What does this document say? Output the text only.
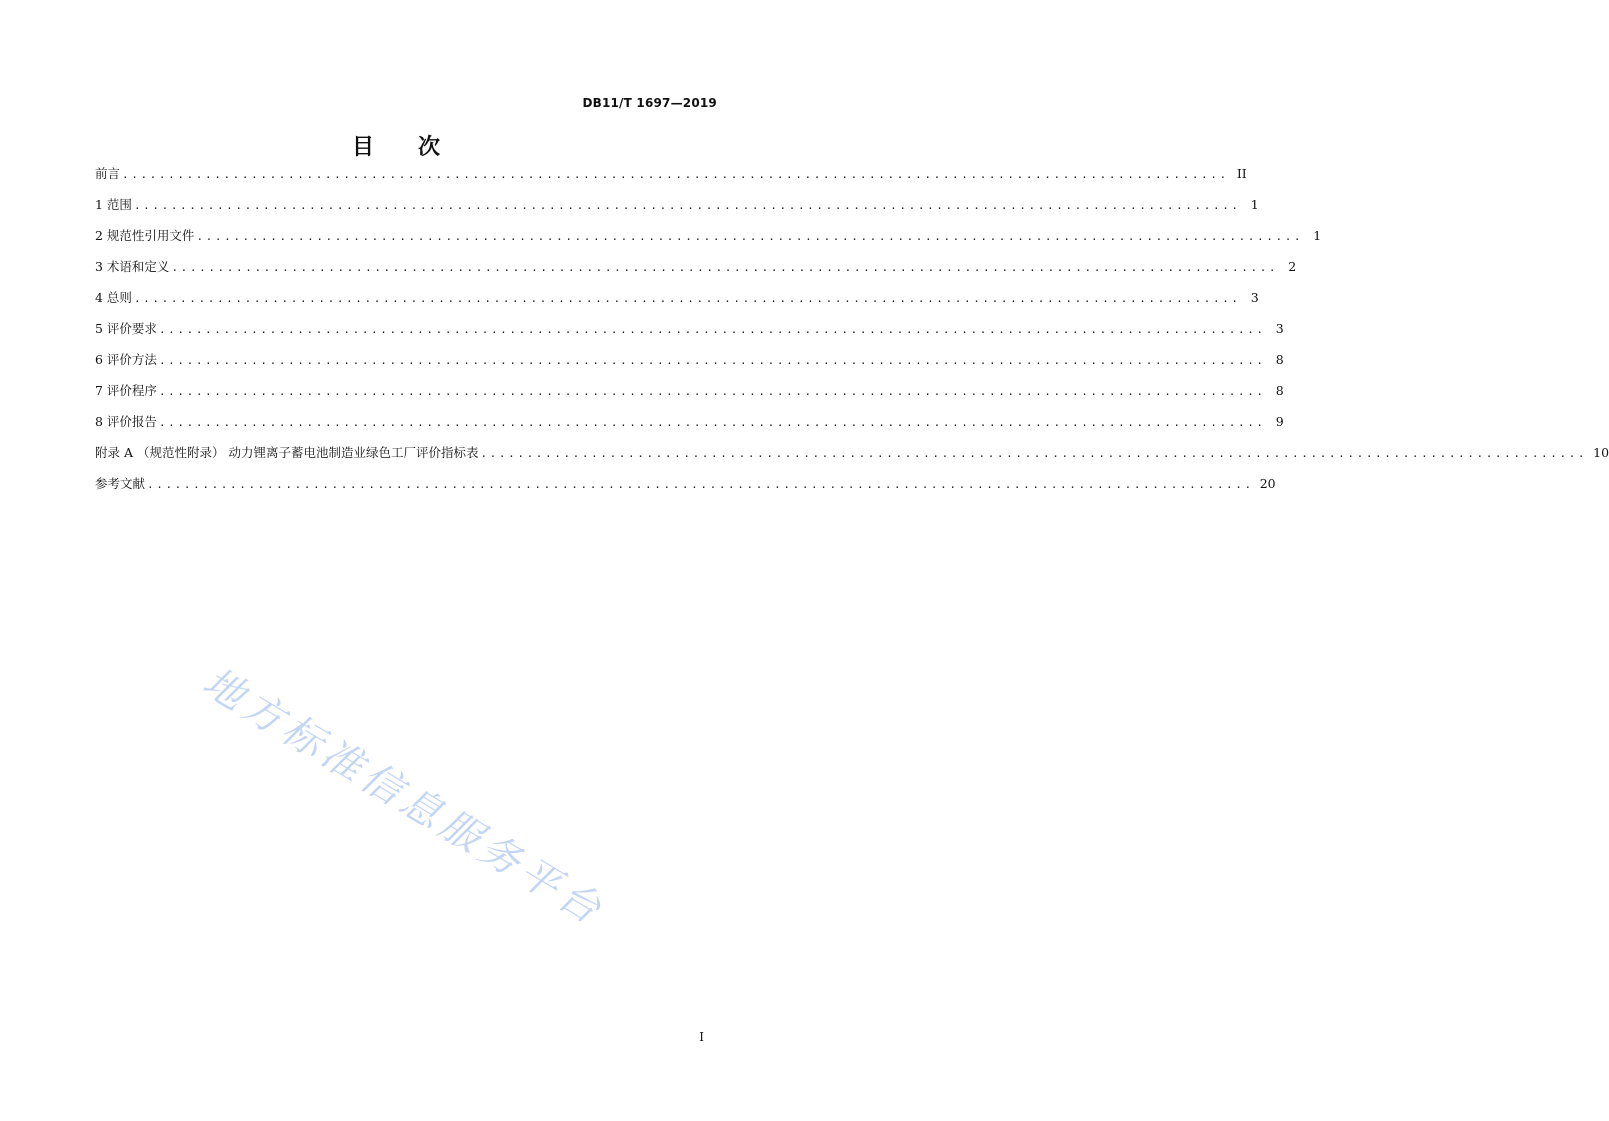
DB11/T 1697—2019
目　　次
前言 ........................................................................................................................ II
1 范围 ........................................................................................................................ 1
2 规范性引用文件 ........................................................................................................................ 1
3 术语和定义 ........................................................................................................................ 2
4 总则 ........................................................................................................................ 3
5 评价要求 ........................................................................................................................ 3
6 评价方法 ........................................................................................................................ 8
7 评价程序 ........................................................................................................................ 8
8 评价报告 ........................................................................................................................ 9
附录 A （规范性附录） 动力锂离子蓄电池制造业绿色工厂评价指标表 ........................................................................................................................ 10
参考文献 ........................................................................................................................ 20
地方标准信息服务平台
I
